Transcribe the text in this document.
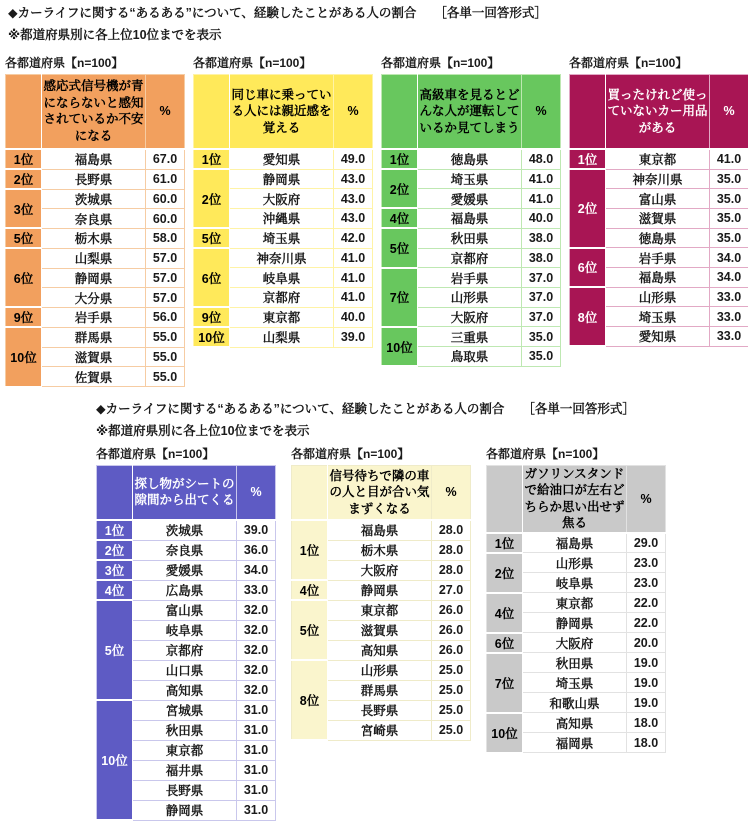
◆カーライフに関する“あるある”について、経験したことがある人の割合 ［各単一回答形式］
※都道府県別に各上位10位までを表示
各都道府県【n=100】
	感応式信号機が青にならないと感知されているか不安になる	%
1位	福島県	67.0
2位	長野県	61.0
3位	茨城県	60.0
	奈良県	60.0
5位	栃木県	58.0
6位	山梨県	57.0
	静岡県	57.0
	大分県	57.0
9位	岩手県	56.0
10位	群馬県	55.0
	滋賀県	55.0
	佐賀県	55.0
各都道府県【n=100】
	同じ車に乗っている人には親近感を覚える	%
1位	愛知県	49.0
2位	静岡県	43.0
	大阪府	43.0
	沖縄県	43.0
5位	埼玉県	42.0
6位	神奈川県	41.0
	岐阜県	41.0
	京都府	41.0
9位	東京都	40.0
10位	山梨県	39.0
各都道府県【n=100】
	高級車を見るとどんな人が運転しているか見てしまう	%
1位	徳島県	48.0
2位	埼玉県	41.0
	愛媛県	41.0
4位	福島県	40.0
5位	秋田県	38.0
	京都府	38.0
7位	岩手県	37.0
	山形県	37.0
	大阪府	37.0
10位	三重県	35.0
	鳥取県	35.0
各都道府県【n=100】
	買ったけれど使っていないカー用品がある	%
1位	東京都	41.0
2位	神奈川県	35.0
	富山県	35.0
	滋賀県	35.0
	徳島県	35.0
6位	岩手県	34.0
	福島県	34.0
8位	山形県	33.0
	埼玉県	33.0
	愛知県	33.0
◆カーライフに関する“あるある”について、経験したことがある人の割合 ［各単一回答形式］
※都道府県別に各上位10位までを表示
各都道府県【n=100】
	探し物がシートの隙間から出てくる	%
1位	茨城県	39.0
2位	奈良県	36.0
3位	愛媛県	34.0
4位	広島県	33.0
5位	富山県	32.0
	岐阜県	32.0
	京都府	32.0
	山口県	32.0
	高知県	32.0
10位	宮城県	31.0
	秋田県	31.0
	東京都	31.0
	福井県	31.0
	長野県	31.0
	静岡県	31.0
各都道府県【n=100】
	信号待ちで隣の車の人と目が合い気まずくなる	%
1位	福島県	28.0
	栃木県	28.0
	大阪府	28.0
4位	静岡県	27.0
5位	東京都	26.0
	滋賀県	26.0
	高知県	26.0
8位	山形県	25.0
	群馬県	25.0
	長野県	25.0
	宮崎県	25.0
各都道府県【n=100】
	ガソリンスタンドで給油口が左右どちらか思い出せず焦る	%
1位	福島県	29.0
2位	山形県	23.0
	岐阜県	23.0
4位	東京都	22.0
	静岡県	22.0
6位	大阪府	20.0
7位	秋田県	19.0
	埼玉県	19.0
	和歌山県	19.0
10位	高知県	18.0
	福岡県	18.0
